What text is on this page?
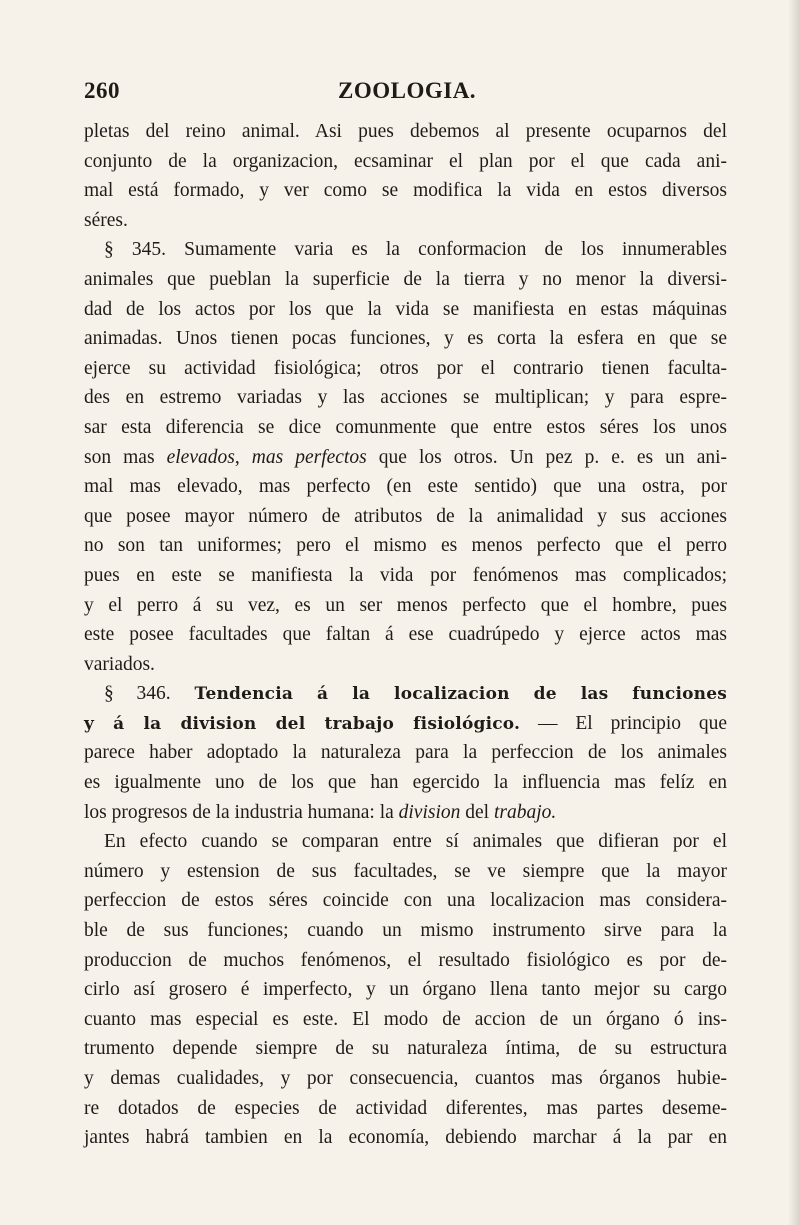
260	ZOOLOGIA.
pletas del reino animal. Asi pues debemos al presente ocuparnos del
conjunto de la organizacion, ecsaminar el plan por el que cada ani-
mal está formado, y ver como se modifica la vida en estos diversos
séres.
§ 345. Sumamente varia es la conformacion de los innumerables
animales que pueblan la superficie de la tierra y no menor la diversi-
dad de los actos por los que la vida se manifiesta en estas máquinas
animadas. Unos tienen pocas funciones, y es corta la esfera en que se
ejerce su actividad fisiológica; otros por el contrario tienen faculta-
des en estremo variadas y las acciones se multiplican; y para espre-
sar esta diferencia se dice comunmente que entre estos séres los unos
son mas elevados, mas perfectos que los otros. Un pez p. e. es un ani-
mal mas elevado, mas perfecto (en este sentido) que una ostra, por
que posee mayor número de atributos de la animalidad y sus acciones
no son tan uniformes; pero el mismo es menos perfecto que el perro
pues en este se manifiesta la vida por fenómenos mas complicados;
y el perro á su vez, es un ser menos perfecto que el hombre, pues
este posee facultades que faltan á ese cuadrúpedo y ejerce actos mas
variados.
§ 346. Tendencia á la localizacion de las funciones
y á la division del trabajo fisiológico. — El principio que
parece haber adoptado la naturaleza para la perfeccion de los animales
es igualmente uno de los que han egercido la influencia mas felíz en
los progresos de la industria humana: la division del trabajo.
En efecto cuando se comparan entre sí animales que difieran por el
número y estension de sus facultades, se ve siempre que la mayor
perfeccion de estos séres coincide con una localizacion mas considera-
ble de sus funciones; cuando un mismo instrumento sirve para la
produccion de muchos fenómenos, el resultado fisiológico es por de-
cirlo así grosero é imperfecto, y un órgano llena tanto mejor su cargo
cuanto mas especial es este. El modo de accion de un órgano ó ins-
trumento depende siempre de su naturaleza íntima, de su estructura
y demas cualidades, y por consecuencia, cuantos mas órganos hubie-
re dotados de especies de actividad diferentes, mas partes deseme-
jantes habrá tambien en la economía, debiendo marchar á la par en
